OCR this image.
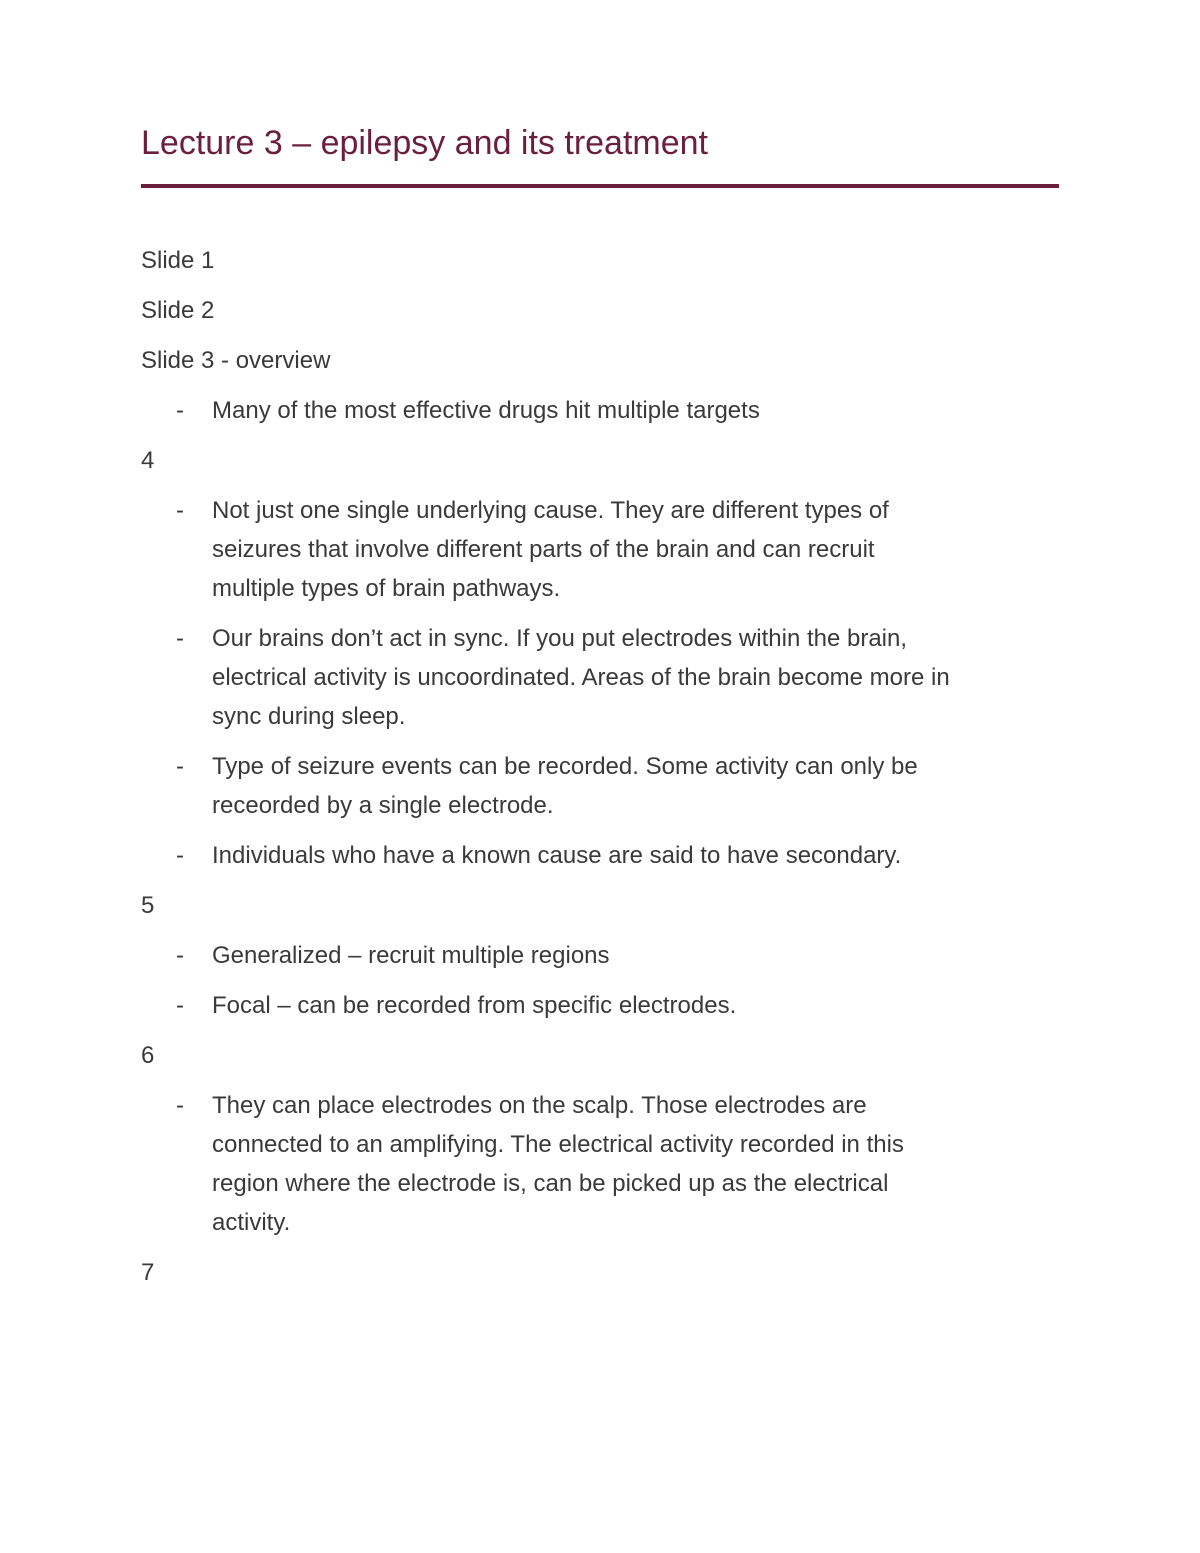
Lecture 3 – epilepsy and its treatment

Slide 1

Slide 2

Slide 3 - overview

- Many of the most effective drugs hit multiple targets

4

- Not just one single underlying cause. They are different types of
seizures that involve different parts of the brain and can recruit
multiple types of brain pathways.
- Our brains don’t act in sync. If you put electrodes within the brain,
electrical activity is uncoordinated. Areas of the brain become more in
sync during sleep.
- Type of seizure events can be recorded. Some activity can only be
receorded by a single electrode.
- Individuals who have a known cause are said to have secondary.

5

- Generalized – recruit multiple regions
- Focal – can be recorded from specific electrodes.

6

- They can place electrodes on the scalp. Those electrodes are
connected to an amplifying. The electrical activity recorded in this
region where the electrode is, can be picked up as the electrical
activity.

7
